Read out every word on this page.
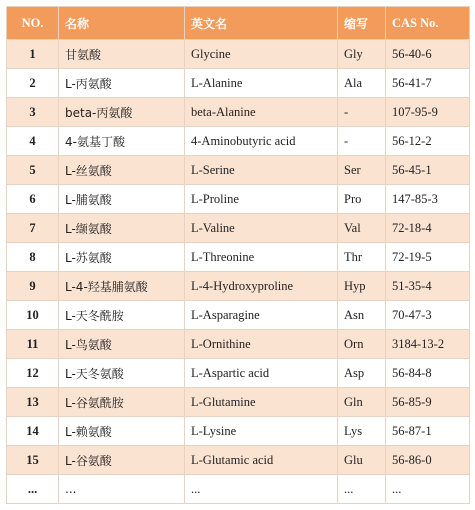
NO.	名称	英文名	缩写	CAS No.
1	甘氨酸	Glycine	Gly	56-40-6
2	L-丙氨酸	L-Alanine	Ala	56-41-7
3	beta-丙氨酸	beta-Alanine	-	107-95-9
4	4-氨基丁酸	4-Aminobutyric acid	-	56-12-2
5	L-丝氨酸	L-Serine	Ser	56-45-1
6	L-脯氨酸	L-Proline	Pro	147-85-3
7	L-缬氨酸	L-Valine	Val	72-18-4
8	L-苏氨酸	L-Threonine	Thr	72-19-5
9	L-4-羟基脯氨酸	L-4-Hydroxyproline	Hyp	51-35-4
10	L-天冬酰胺	L-Asparagine	Asn	70-47-3
11	L-鸟氨酸	L-Ornithine	Orn	3184-13-2
12	L-天冬氨酸	L-Aspartic acid	Asp	56-84-8
13	L-谷氨酰胺	L-Glutamine	Gln	56-85-9
14	L-赖氨酸	L-Lysine	Lys	56-87-1
15	L-谷氨酸	L-Glutamic acid	Glu	56-86-0
...	...	...	...	...
